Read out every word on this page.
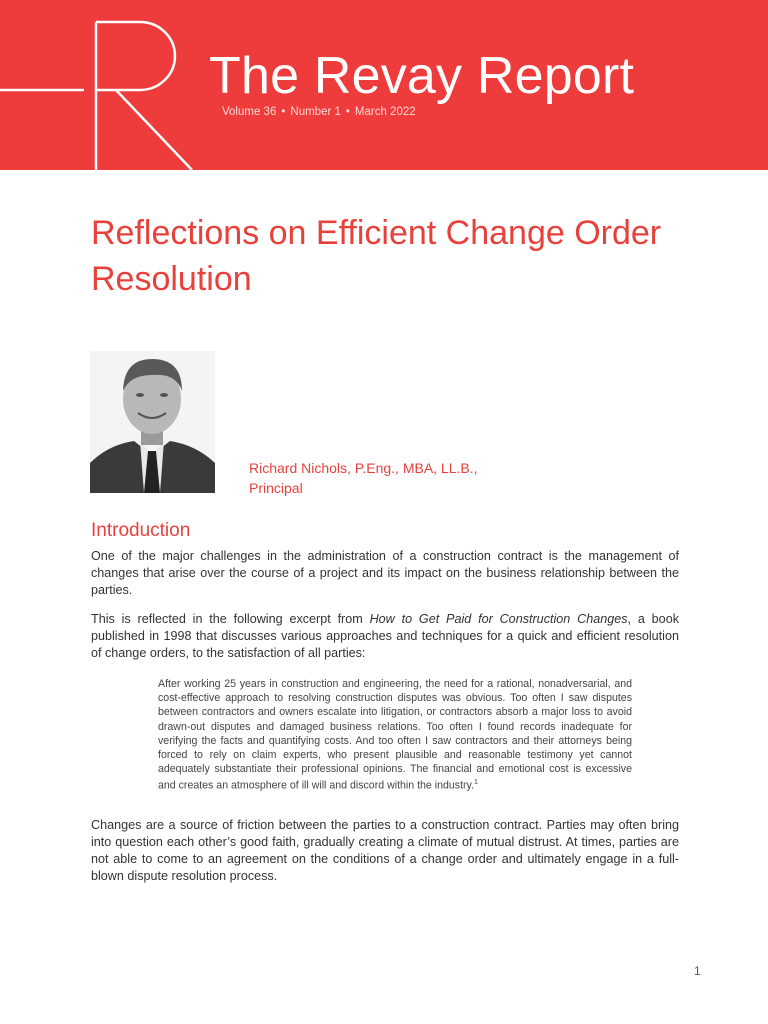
The Revay Report
Volume 36 • Number 1 • March 2022
Reflections on Efficient Change Order Resolution
Richard Nichols, P.Eng., MBA, LL.B.,
Principal
Introduction

One of the major challenges in the administration of a construction contract is the management of changes that arise over the course of a project and its impact on the business relationship between the parties.

This is reflected in the following excerpt from How to Get Paid for Construction Changes, a book published in 1998 that discusses various approaches and techniques for a quick and efficient resolution of change orders, to the satisfaction of all parties:

After working 25 years in construction and engineering, the need for a rational, nonadversarial, and cost-effective approach to resolving construction disputes was obvious. Too often I saw disputes between contractors and owners escalate into litigation, or contractors absorb a major loss to avoid drawn-out disputes and damaged business relations. Too often I found records inadequate for verifying the facts and quantifying costs. And too often I saw contractors and their attorneys being forced to rely on claim experts, who present plausible and reasonable testimony yet cannot adequately substantiate their professional opinions. The financial and emotional cost is excessive and creates an atmosphere of ill will and discord within the industry.$^1$

Changes are a source of friction between the parties to a construction contract. Parties may often bring into question each other’s good faith, gradually creating a climate of mutual distrust. At times, parties are not able to come to an agreement on the conditions of a change order and ultimately engage in a full-blown dispute resolution process.

1
